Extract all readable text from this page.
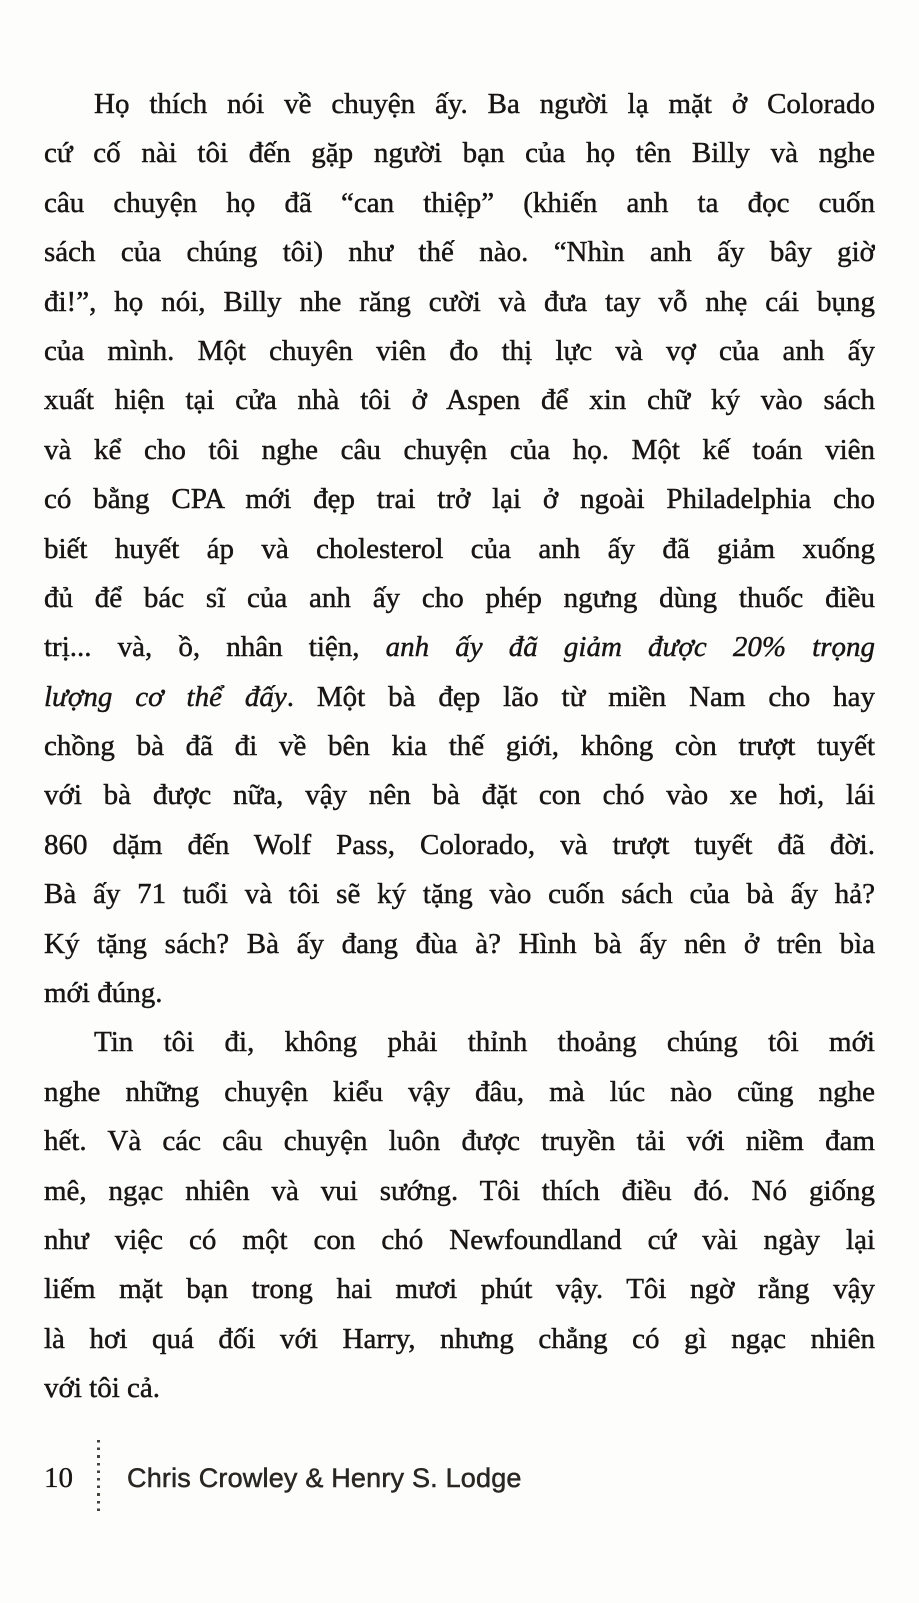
Họ thích nói về chuyện ấy. Ba người lạ mặt ở Colorado
cứ cố nài tôi đến gặp người bạn của họ tên Billy và nghe
câu chuyện họ đã “can thiệp” (khiến anh ta đọc cuốn
sách của chúng tôi) như thế nào. “Nhìn anh ấy bây giờ
đi!”, họ nói, Billy nhe răng cười và đưa tay vỗ nhẹ cái bụng
của mình. Một chuyên viên đo thị lực và vợ của anh ấy
xuất hiện tại cửa nhà tôi ở Aspen để xin chữ ký vào sách
và kể cho tôi nghe câu chuyện của họ. Một kế toán viên
có bằng CPA mới đẹp trai trở lại ở ngoài Philadelphia cho
biết huyết áp và cholesterol của anh ấy đã giảm xuống
đủ để bác sĩ của anh ấy cho phép ngưng dùng thuốc điều
trị... và, ồ, nhân tiện, anh ấy đã giảm được 20% trọng
lượng cơ thể đấy. Một bà đẹp lão từ miền Nam cho hay
chồng bà đã đi về bên kia thế giới, không còn trượt tuyết
với bà được nữa, vậy nên bà đặt con chó vào xe hơi, lái
860 dặm đến Wolf Pass, Colorado, và trượt tuyết đã đời.
Bà ấy 71 tuổi và tôi sẽ ký tặng vào cuốn sách của bà ấy hả?
Ký tặng sách? Bà ấy đang đùa à? Hình bà ấy nên ở trên bìa
mới đúng.
Tin tôi đi, không phải thỉnh thoảng chúng tôi mới
nghe những chuyện kiểu vậy đâu, mà lúc nào cũng nghe
hết. Và các câu chuyện luôn được truyền tải với niềm đam
mê, ngạc nhiên và vui sướng. Tôi thích điều đó. Nó giống
như việc có một con chó Newfoundland cứ vài ngày lại
liếm mặt bạn trong hai mươi phút vậy. Tôi ngờ rằng vậy
là hơi quá đối với Harry, nhưng chẳng có gì ngạc nhiên
với tôi cả.
10 Chris Crowley & Henry S. Lodge
